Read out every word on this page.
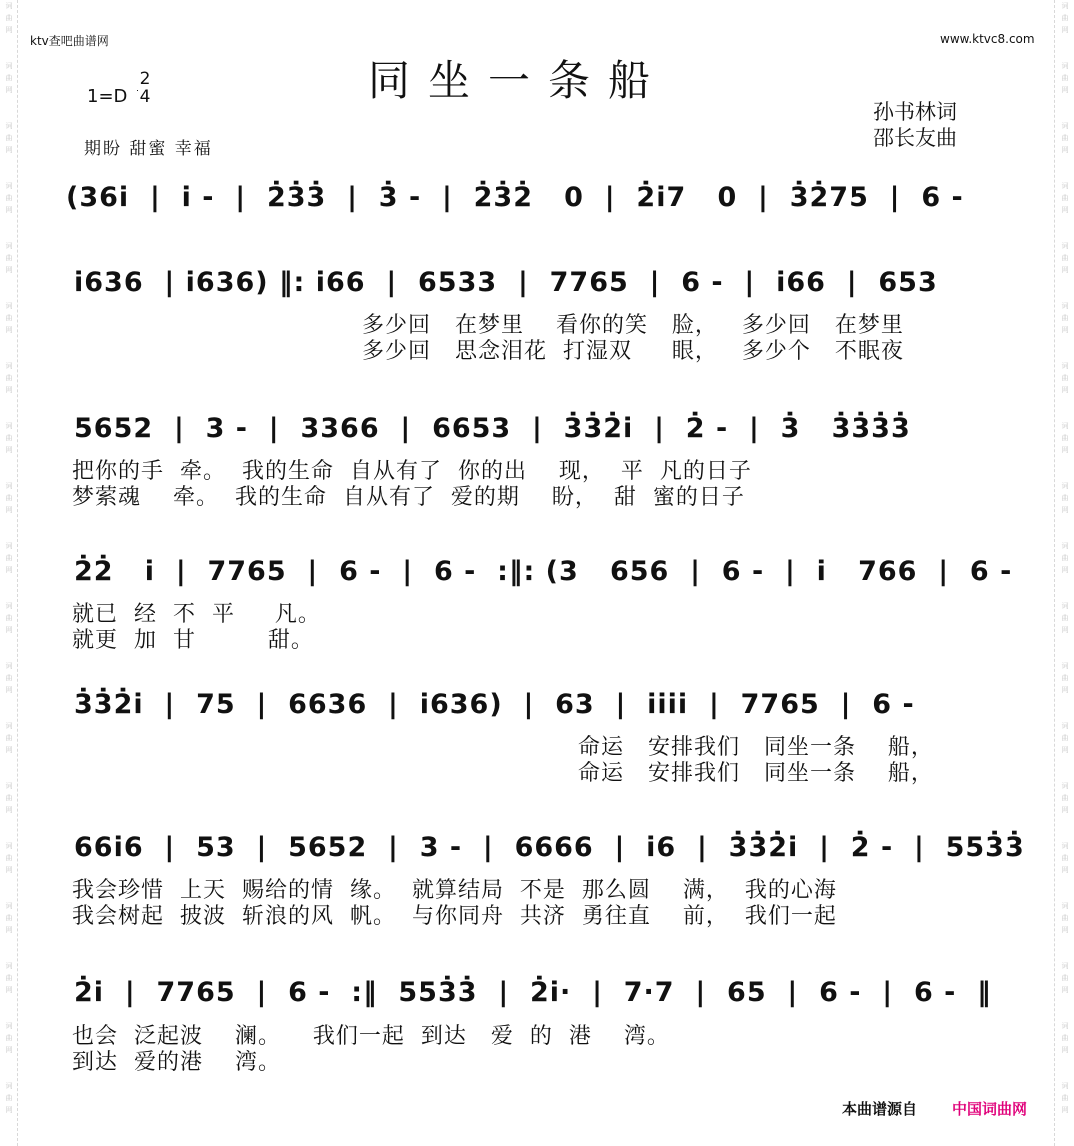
词
曲
网
词
曲
网
词
曲
网
词
曲
网
词
曲
网
词
曲
网
词
曲
网
词
曲
网
词
曲
网
词
曲
网
词
曲
网
词
曲
网
词
曲
网
词
曲
网
词
曲
网
词
曲
网
词
曲
网
词
曲
网
词
曲
网
词
曲
网
词
曲
网
词
曲
网
词
曲
网
词
曲
网
词
曲
网
词
曲
网
词
曲
网
词
曲
网
词
曲
网
词
曲
网
词
曲
网
词
曲
网
词
曲
网
词
曲
网
词
曲
网
词
曲
网
词
曲
网
词
曲
网
ktv查吧曲谱网	www.ktvc8.com
同坐一条船
1=D
2
4
期盼 甜蜜 幸福
孙书林词
邵长友曲
(36i  |  i -  |  2̇3̇3̇  |  3̇ -  |  2̇3̇2̇   0  |  2̇i7   0  |  3̇2̇75  |  6 -
i636  | i636) ‖: i66  |  6533  |  7765  |  6 -  |  i66  |  653
多少回   在梦里    看你的笑   脸，   多少回   在梦里
多少回   思念泪花  打湿双     眼，   多少个   不眠夜
5652  |  3 -  |  3366  |  6653  |  3̇3̇2̇i  |  2̇ -  |  3̇   3̇3̇3̇3̇
把你的手  牵。  我的生命  自从有了  你的出    现，  平  凡的日子
梦萦魂    牵。  我的生命  自从有了  爱的期    盼，  甜  蜜的日子
2̇2̇   i  |  7765  |  6 -  |  6 -  :‖: (3   656  |  6 -  |  i   766  |  6 -
就已  经  不  平     凡。
就更  加  甘         甜。
3̇3̇2̇i  |  75  |  6636  |  i636)  |  63  |  iiii  |  7765  |  6 -
命运   安排我们   同坐一条    船，
命运   安排我们   同坐一条    船，
66i6  |  53  |  5652  |  3 -  |  6666  |  i6  |  3̇3̇2̇i  |  2̇ -  |  553̇3̇
我会珍惜  上天  赐给的情  缘。  就算结局  不是  那么圆    满，  我的心海
我会树起  披波  斩浪的风  帆。  与你同舟  共济  勇往直    前，  我们一起
2̇i  |  7765  |  6 -  :‖  553̇3̇  |  2̇i·  |  7·7  |  65  |  6 -  |  6 -  ‖
也会  泛起波    澜。    我们一起  到达   爱  的  港    湾。
到达  爱的港    湾。
本曲谱源自 中国词曲网
